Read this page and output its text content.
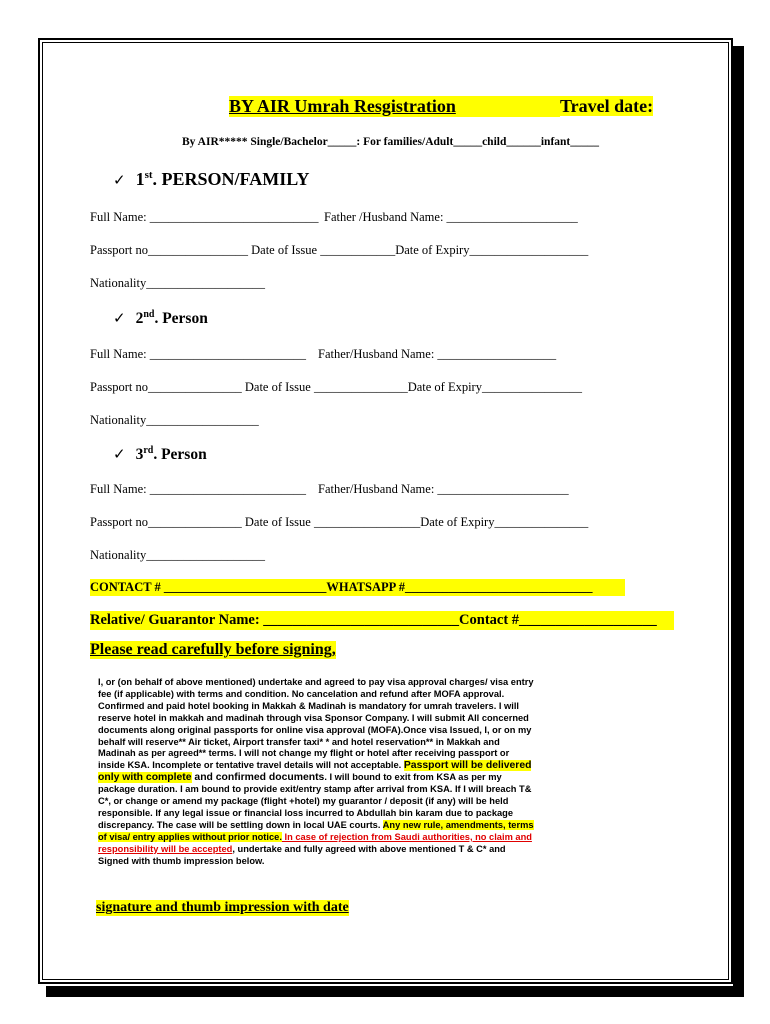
BY AIR Umrah Resgistration	Travel date:
By AIR***** Single/Bachelor_____: For families/Adult_____child______infant_____
✓ 1st. PERSON/FAMILY
Full Name: ___________________________ Father /Husband Name: _____________________
Passport no________________ Date of Issue ____________Date of Expiry___________________
Nationality___________________
✓ 2nd. Person
Full Name: _________________________ Father/Husband Name: ___________________
Passport no_______________ Date of Issue _______________Date of Expiry________________
Nationality__________________
✓ 3rd. Person
Full Name: _________________________ Father/Husband Name: _____________________
Passport no_______________ Date of Issue _________________Date of Expiry_______________
Nationality___________________
CONTACT # __________________________WHATSAPP #______________________________
Relative/ Guarantor Name: ___________________________Contact #___________________
Please read carefully before signing,
I, or (on behalf of above mentioned) undertake and agreed to pay visa approval charges/ visa entry fee (if applicable) with terms and condition. No cancelation and refund after MOFA approval. Confirmed and paid hotel booking in Makkah & Madinah is mandatory for umrah travelers. I will reserve hotel in makkah and madinah through visa Sponsor Company. I will submit All concerned documents along original passports for online visa approval (MOFA).Once visa Issued, I, or on my behalf will reserve** Air ticket, Airport transfer taxi* * and hotel reservation** in Makkah and Madinah as per agreed** terms. I will not change my flight or hotel after receiving passport or inside KSA. Incomplete or tentative travel details will not acceptable. Passport will be delivered only with complete and confirmed documents. I will bound to exit from KSA as per my package duration. I am bound to provide exit/entry stamp after arrival from KSA. If I will breach T& C*, or change or amend my package (flight +hotel) my guarantor / deposit (if any) will be held responsible. If any legal issue or financial loss incurred to Abdullah bin karam due to package discrepancy. The case will be settling down in local UAE courts. Any new rule, amendments, terms of visa/ entry applies without prior notice. In case of rejection from Saudi authorities, no claim and responsibility will be accepted, undertake and fully agreed with above mentioned T & C* and Signed with thumb impression below.
signature and thumb impression with date
